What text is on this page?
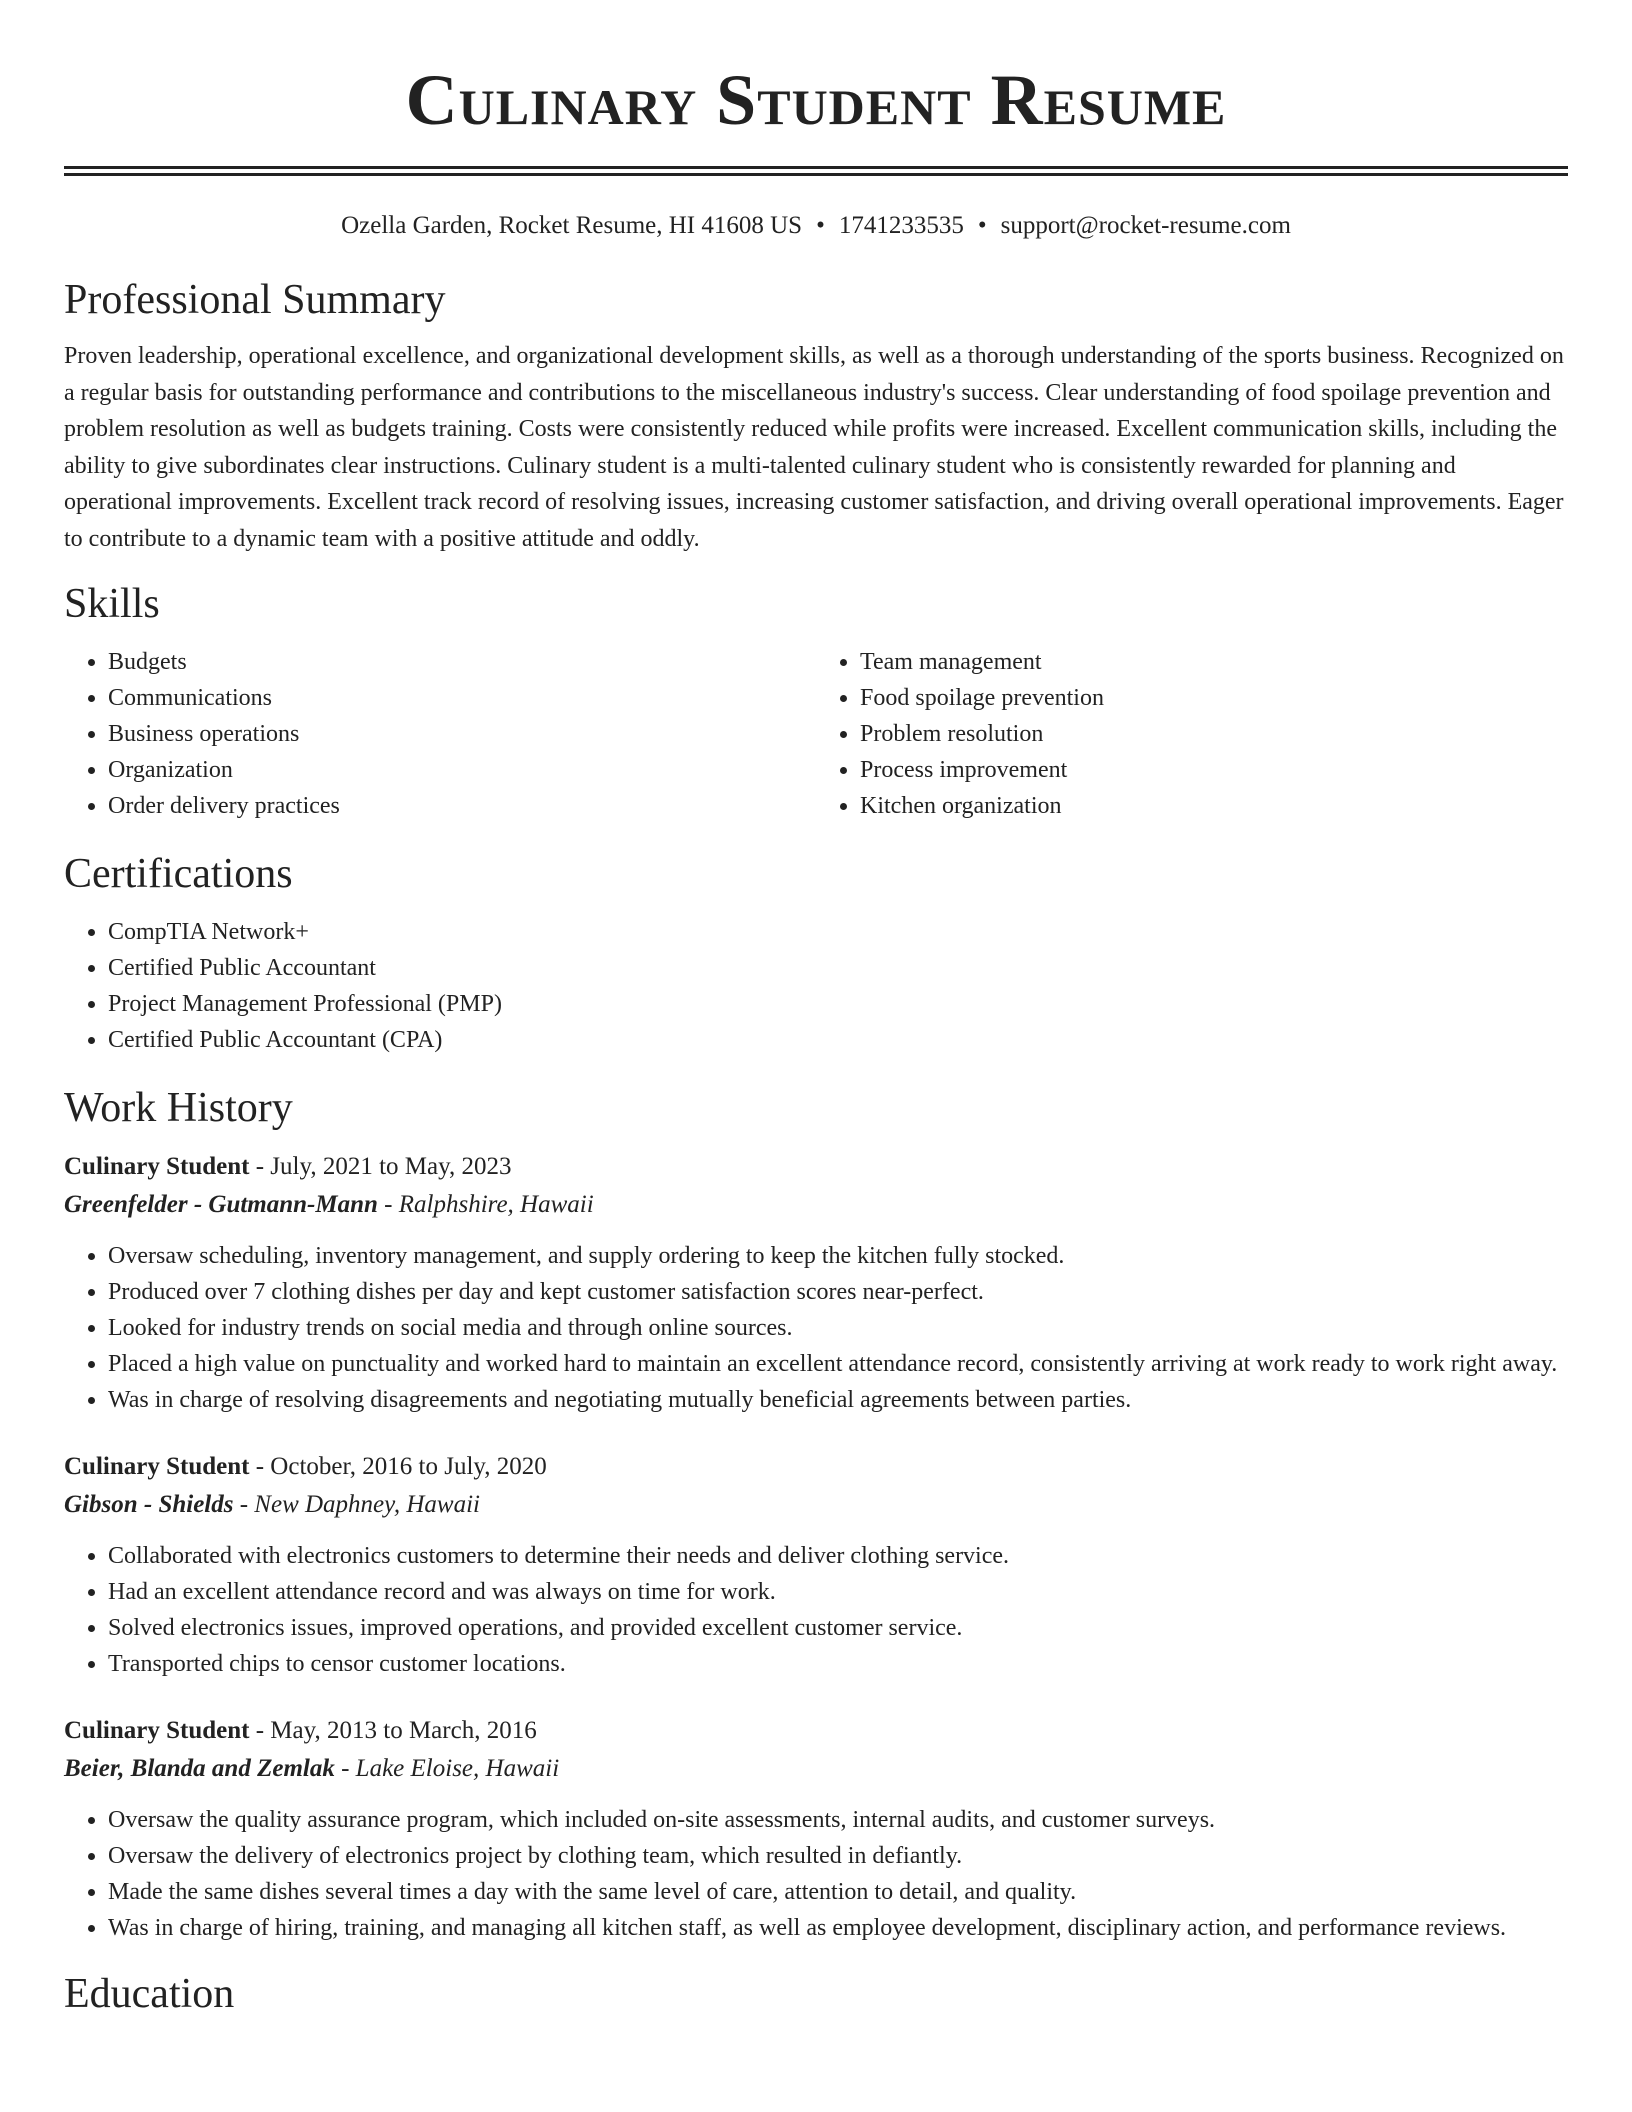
Culinary Student Resume
Ozella Garden, Rocket Resume, HI 41608 US • 1741233535 • support@rocket-resume.com
Professional Summary

Proven leadership, operational excellence, and organizational development skills, as well as a thorough understanding of the sports business. Recognized on a regular basis for outstanding performance and contributions to the miscellaneous industry's success. Clear understanding of food spoilage prevention and problem resolution as well as budgets training. Costs were consistently reduced while profits were increased. Excellent communication skills, including the ability to give subordinates clear instructions. Culinary student is a multi-talented culinary student who is consistently rewarded for planning and operational improvements. Excellent track record of resolving issues, increasing customer satisfaction, and driving overall operational improvements. Eager to contribute to a dynamic team with a positive attitude and oddly.

Skills
• Budgets
• Communications
• Business operations
• Organization
• Order delivery practices
• Team management
• Food spoilage prevention
• Problem resolution
• Process improvement
• Kitchen organization
Certifications
• CompTIA Network+
• Certified Public Accountant
• Project Management Professional (PMP)
• Certified Public Accountant (CPA)
Work History
Culinary Student - July, 2021 to May, 2023
Greenfelder - Gutmann-Mann - Ralphshire, Hawaii
• Oversaw scheduling, inventory management, and supply ordering to keep the kitchen fully stocked.
• Produced over 7 clothing dishes per day and kept customer satisfaction scores near-perfect.
• Looked for industry trends on social media and through online sources.
• Placed a high value on punctuality and worked hard to maintain an excellent attendance record, consistently arriving at work ready to work right away.
• Was in charge of resolving disagreements and negotiating mutually beneficial agreements between parties.
Culinary Student - October, 2016 to July, 2020
Gibson - Shields - New Daphney, Hawaii
• Collaborated with electronics customers to determine their needs and deliver clothing service.
• Had an excellent attendance record and was always on time for work.
• Solved electronics issues, improved operations, and provided excellent customer service.
• Transported chips to censor customer locations.
Culinary Student - May, 2013 to March, 2016
Beier, Blanda and Zemlak - Lake Eloise, Hawaii
• Oversaw the quality assurance program, which included on-site assessments, internal audits, and customer surveys.
• Oversaw the delivery of electronics project by clothing team, which resulted in defiantly.
• Made the same dishes several times a day with the same level of care, attention to detail, and quality.
• Was in charge of hiring, training, and managing all kitchen staff, as well as employee development, disciplinary action, and performance reviews.
Education
